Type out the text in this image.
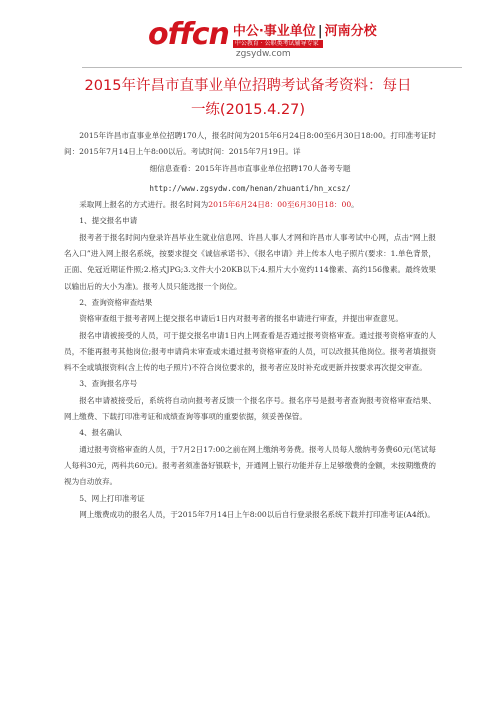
offcn 中公·事业单位 | 河南分校
中公教育 · 公职类考试辅导专家
zgsydw.com
2015年许昌市直事业单位招聘考试备考资料：每日
一练(2015.4.27)

2015年许昌市直事业单位招聘170人，报名时间为2015年6月24日8:00至6月30日18:00。打印准考证时间：2015年7月14日上午8:00以后。考试时间：2015年7月19日。详

细信息查看：2015年许昌市直事业单位招聘170人备考专题

http://www.zgsydw.com/henan/zhuanti/hn_xcsz/

采取网上报名的方式进行。报名时间为2015年6月24日8：00至6月30日18：00。

1、提交报名申请

报考者于报名时间内登录许昌毕业生就业信息网、许昌人事人才网和许昌市人事考试中心网，点击“网上报名入口”进入网上报名系统，按要求提交《诚信承诺书》、《报名申请》并上传本人电子照片(要求：1.单色背景，正面、免冠近期证件照;2.格式JPG;3.文件大小20KB以下;4.照片大小宽约114像素、高约156像素。最终效果以输出后的大小为准)。报考人员只能选报一个岗位。

2、查询资格审查结果

资格审查组于报考者网上提交报名申请后1日内对报考者的报名申请进行审查，并提出审查意见。

报名申请被接受的人员，可于提交报名申请1日内上网查看是否通过报考资格审查。通过报考资格审查的人员，不能再报考其他岗位;报考申请尚未审查或未通过报考资格审查的人员，可以改报其他岗位。报考者填报资料不全或填报资料(含上传的电子照片)不符合岗位要求的，报考者应及时补充或更新并按要求再次提交审查。

3、查询报名序号

报名申请被接受后，系统将自动向报考者反馈一个报名序号。报名序号是报考者查询报考资格审查结果、网上缴费、下载打印准考证和成绩查询等事项的重要依据，须妥善保管。

4、报名确认

通过报考资格审查的人员，于7月2日17:00之前在网上缴纳考务费。报考人员每人缴纳考务费60元(笔试每人每科30元，两科共60元)。报考者须准备好银联卡，开通网上银行功能并存上足够缴费的金额，未按期缴费的视为自动放弃。

5、网上打印准考证

网上缴费成功的报名人员，于2015年7月14日上午8:00以后自行登录报名系统下载并打印准考证(A4纸)。
